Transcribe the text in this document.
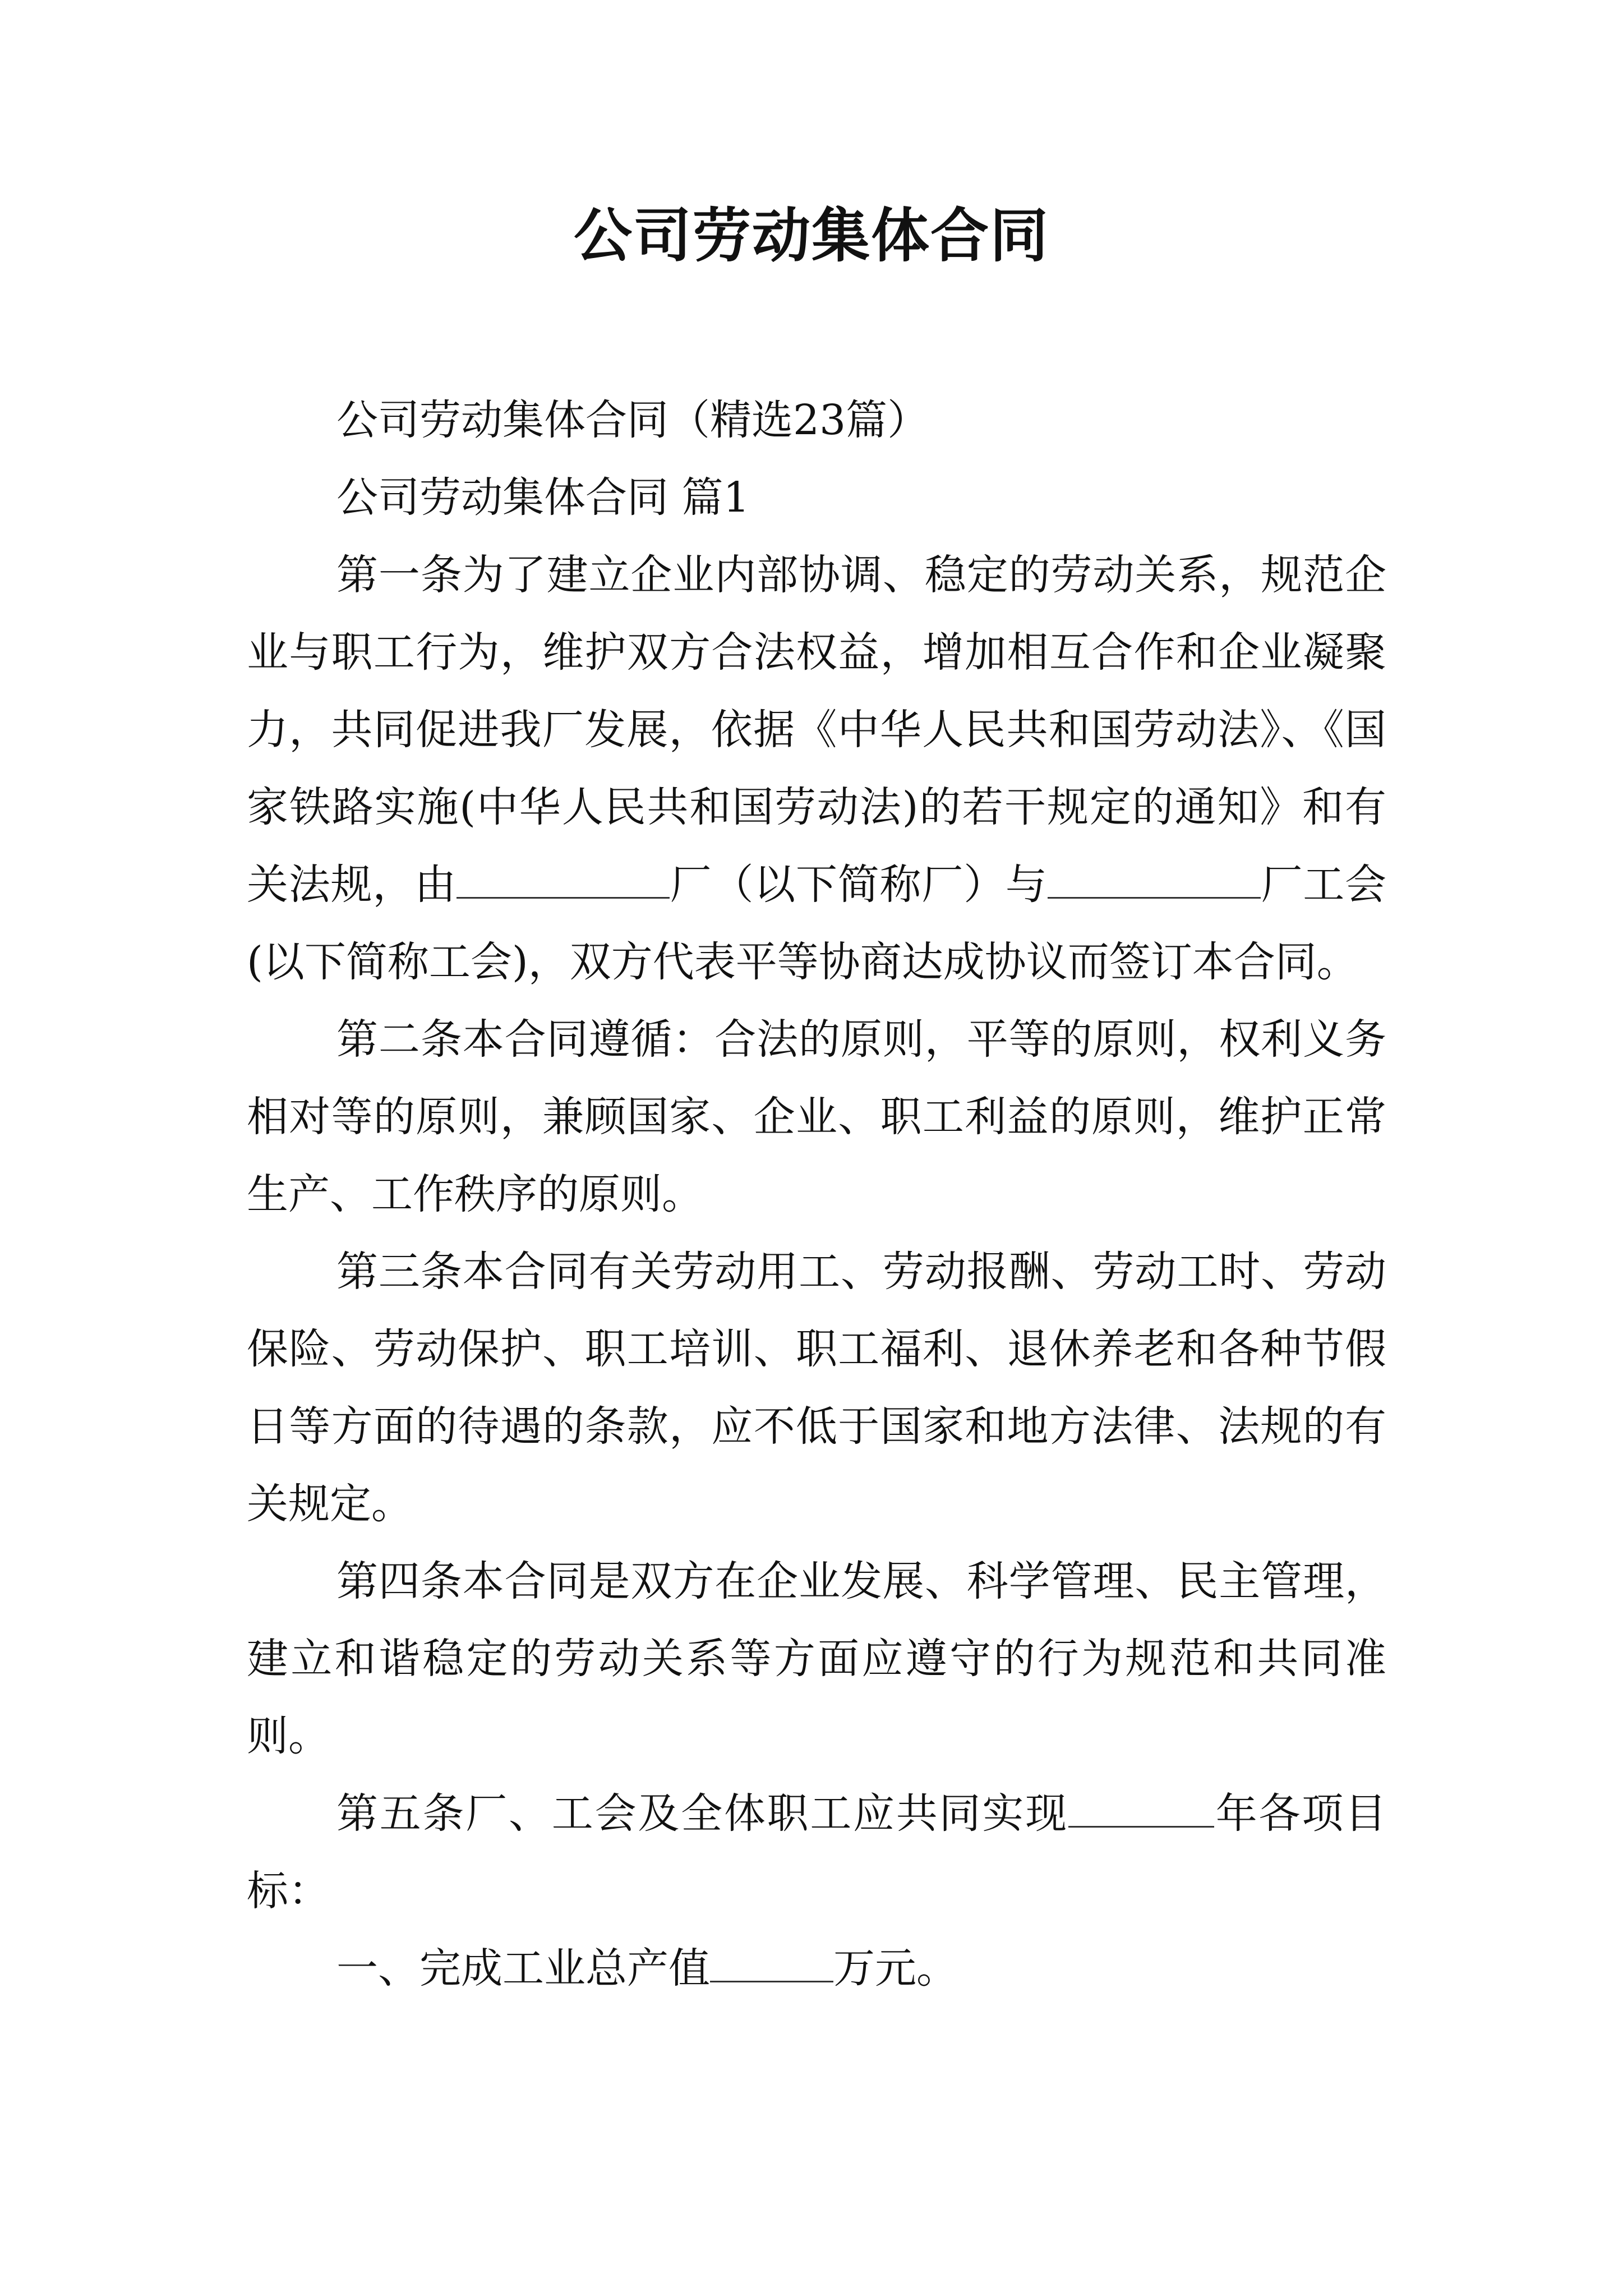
公司劳动集体合同

公司劳动集体合同（精选23篇）

公司劳动集体合同 篇1

第一条为了建立企业内部协调、稳定的劳动关系，规范企业与职工行为，维护双方合法权益，增加相互合作和企业凝聚力，共同促进我厂发展，依据《中华人民共和国劳动法》、《国家铁路实施(中华人民共和国劳动法)的若干规定的通知》和有关法规，由	厂（以下简称厂）与	厂工会(以下简称工会)，双方代表平等协商达成协议而签订本合同。

第二条本合同遵循：合法的原则，平等的原则，权利义务相对等的原则，兼顾国家、企业、职工利益的原则，维护正常生产、工作秩序的原则。

第三条本合同有关劳动用工、劳动报酬、劳动工时、劳动保险、劳动保护、职工培训、职工福利、退休养老和各种节假日等方面的待遇的条款，应不低于国家和地方法律、法规的有关规定。

第四条本合同是双方在企业发展、科学管理、民主管理，建立和谐稳定的劳动关系等方面应遵守的行为规范和共同准则。

第五条厂、工会及全体职工应共同实现	年各项目标：

一、完成工业总产值	万元。
